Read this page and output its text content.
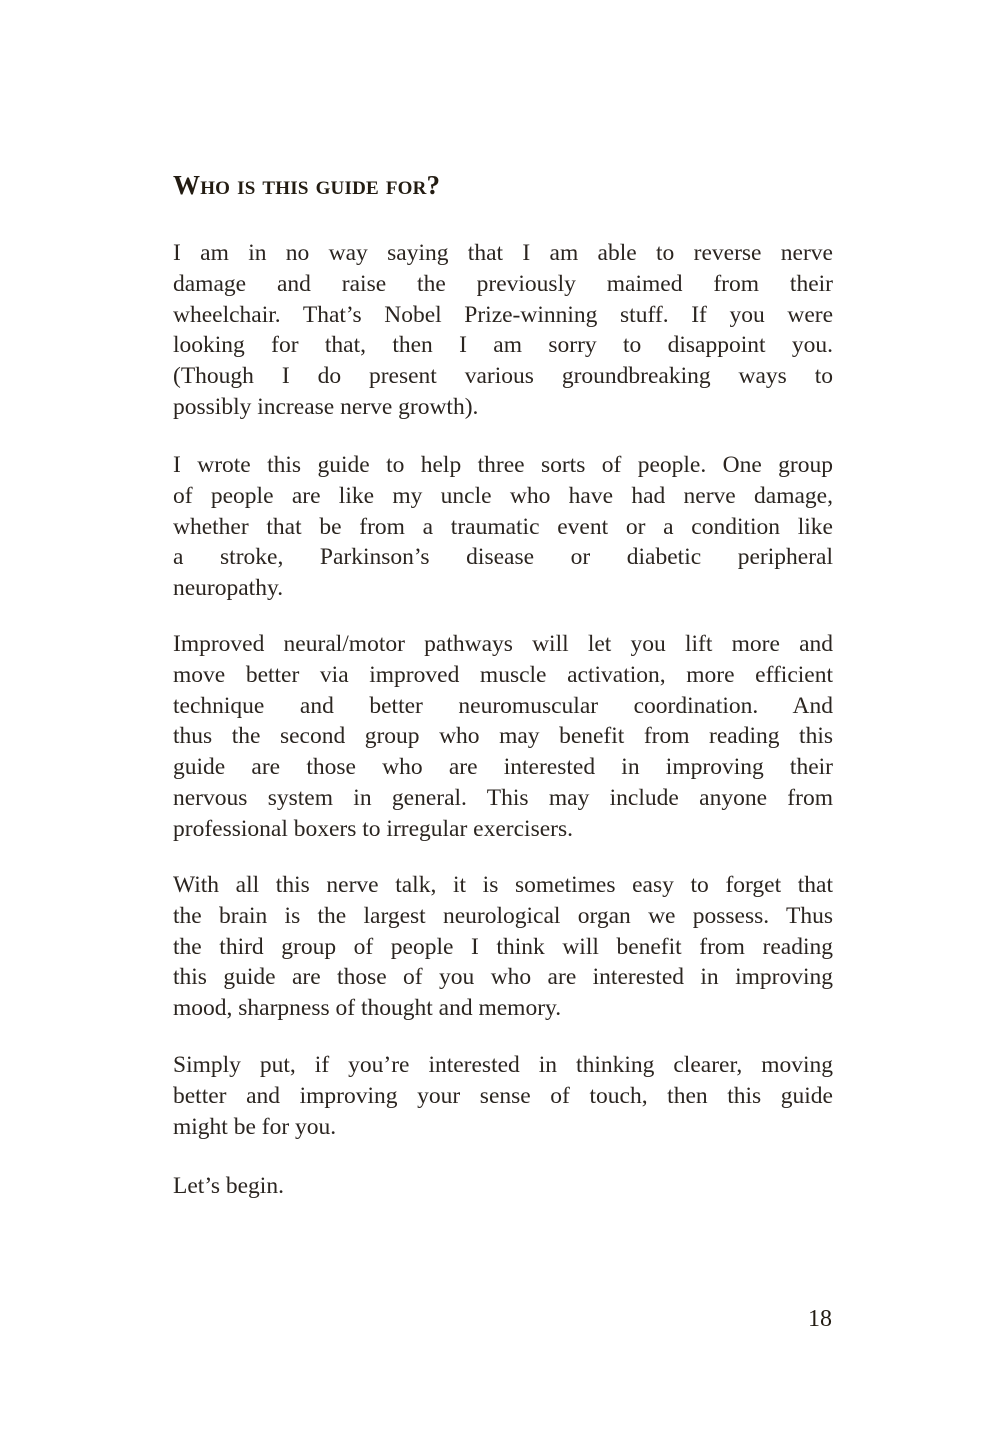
Who is this guide for?
I am in no way saying that I am able to reverse nerve
damage and raise the previously maimed from their
wheelchair. That’s Nobel Prize-winning stuff. If you were
looking for that, then I am sorry to disappoint you.
(Though I do present various groundbreaking ways to
possibly increase nerve growth).
I wrote this guide to help three sorts of people. One group
of people are like my uncle who have had nerve damage,
whether that be from a traumatic event or a condition like
a stroke, Parkinson’s disease or diabetic peripheral
neuropathy.
Improved neural/motor pathways will let you lift more and
move better via improved muscle activation, more efficient
technique and better neuromuscular coordination. And
thus the second group who may benefit from reading this
guide are those who are interested in improving their
nervous system in general. This may include anyone from
professional boxers to irregular exercisers.
With all this nerve talk, it is sometimes easy to forget that
the brain is the largest neurological organ we possess. Thus
the third group of people I think will benefit from reading
this guide are those of you who are interested in improving
mood, sharpness of thought and memory.
Simply put, if you’re interested in thinking clearer, moving
better and improving your sense of touch, then this guide
might be for you.
Let’s begin.
18
